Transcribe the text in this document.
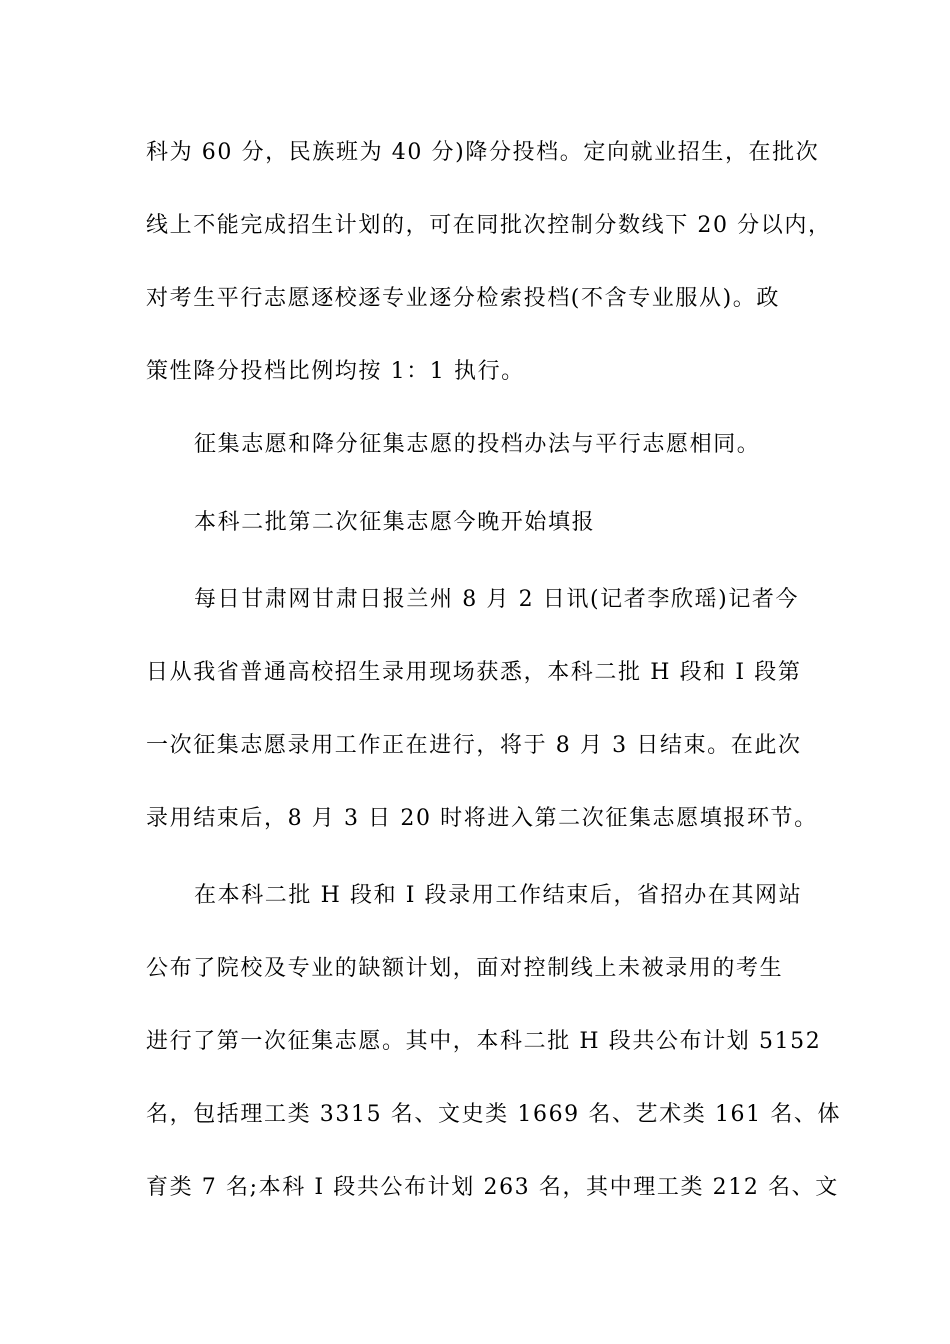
科为 60 分，民族班为 40 分)降分投档。定向就业招生，在批次
线上不能完成招生计划的，可在同批次控制分数线下 20 分以内，
对考生平行志愿逐校逐专业逐分检索投档(不含专业服从)。政
策性降分投档比例均按 1：1 执行。
征集志愿和降分征集志愿的投档办法与平行志愿相同。
本科二批第二次征集志愿今晚开始填报
每日甘肃网甘肃日报兰州 8 月 2 日讯(记者李欣瑶)记者今
日从我省普通高校招生录用现场获悉，本科二批 H 段和 I 段第
一次征集志愿录用工作正在进行，将于 8 月 3 日结束。在此次
录用结束后，8 月 3 日 20 时将进入第二次征集志愿填报环节。
在本科二批 H 段和 I 段录用工作结束后，省招办在其网站
公布了院校及专业的缺额计划，面对控制线上未被录用的考生
进行了第一次征集志愿。其中，本科二批 H 段共公布计划 5152
名，包括理工类 3315 名、文史类 1669 名、艺术类 161 名、体
育类 7 名;本科 I 段共公布计划 263 名，其中理工类 212 名、文
